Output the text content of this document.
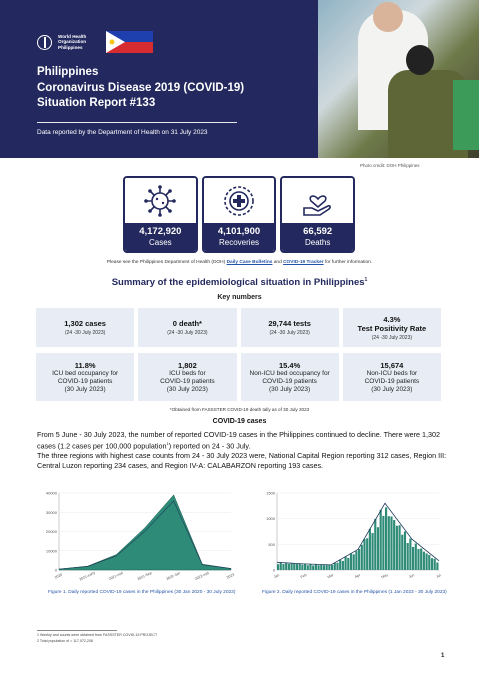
World Health Organization Philippines
Philippines
Coronavirus Disease 2019 (COVID-19)
Situation Report #133
Data reported by the Department of Health on 31 July 2023
Photo credit: DOH Philippines
4,172,920
Cases
4,101,900
Recoveries
66,592
Deaths
Please see the Philippines Department of Health (DOH) Daily Case Bulletins and COVID-19 Tracker for further information.
Summary of the epidemiological situation in Philippines$^1$
Key numbers
1,302 cases
(24 -30 July 2023)
0 death*
(24 -30 July 2023)
29,744 tests
(24 -30 July 2023)
4.3%
Test Positivity Rate
(24 -30 July 2023)
11.8%
ICU bed occupancy for
COVID-19 patients
(30 July 2023)
1,802
ICU beds for
COVID-19 patients
(30 July 2023)
15.4%
Non-ICU bed occupancy for
COVID-19 patients
(30 July 2023)
15,674
Non-ICU beds for
COVID-19 patients
(30 July 2023)
*Obtained from FASSSTER COVID-19 death tally as of 30 July 2023
COVID-19 cases
From 5 June - 30 July 2023, the number of reported COVID-19 cases in the Philippines continued to decline. There were 1,302 cases (1.2 cases per 100,000 population$^1$) reported on 24 - 30 July.
The three regions with highest case counts from 24 - 30 July 2023 were, National Capital Region reporting 312 cases, Region III: Central Luzon reporting 234 cases, and Region IV-A: CALABARZON reporting 193 cases.
0
10000
20000
30000
40000
2020	2021-early	2021-mid	2021-Sep	2022-Jan	2022-mid	2023
0
500
1000
1500
Jan	Feb	Mar	Apr	May	Jun	Jul
Figure 1. Daily reported COVID-19 cases in the Philippines (30 Jan 2020 - 30 July 2023)	Figure 2. Daily reported COVID-19 cases in the Philippines (1 Jan 2023 - 30 July 2023)
1 Weekly and counts were obtained from FASSSTER COVID-19 PROJECT
2 Total population of = 117,072,208
1
